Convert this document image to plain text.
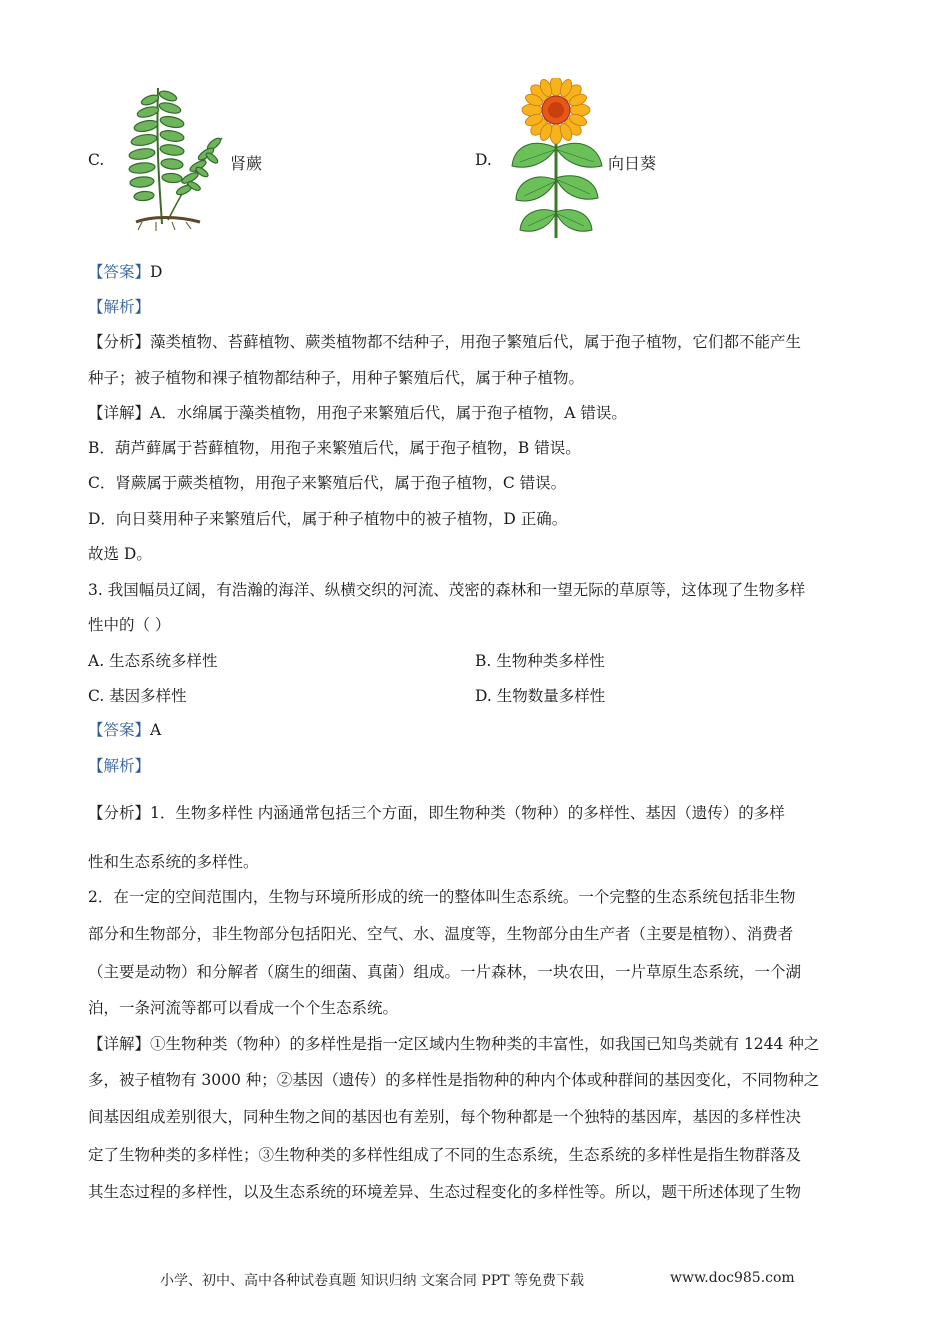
C.	肾蕨	D.	向日葵
【答案】D
【解析】
【分析】藻类植物、苔藓植物、蕨类植物都不结种子，用孢子繁殖后代，属于孢子植物，它们都不能产生
种子；被子植物和裸子植物都结种子，用种子繁殖后代，属于种子植物。
【详解】A．水绵属于藻类植物，用孢子来繁殖后代，属于孢子植物，A 错误。
B．葫芦藓属于苔藓植物，用孢子来繁殖后代，属于孢子植物，B 错误。
C．肾蕨属于蕨类植物，用孢子来繁殖后代，属于孢子植物，C 错误。
D．向日葵用种子来繁殖后代，属于种子植物中的被子植物，D 正确。
故选 D。
3. 我国幅员辽阔，有浩瀚的海洋、纵横交织的河流、茂密的森林和一望无际的草原等，这体现了生物多样
性中的（ ）
A. 生态系统多样性	B. 生物种类多样性
C. 基因多样性	D. 生物数量多样性
【答案】A
【解析】
【分析】1．生物多样性 内涵通常包括三个方面，即生物种类（物种）的多样性、基因（遗传）的多样
性和生态系统的多样性。
2．在一定的空间范围内，生物与环境所形成的统一的整体叫生态系统。一个完整的生态系统包括非生物
部分和生物部分，非生物部分包括阳光、空气、水、温度等，生物部分由生产者（主要是植物）、消费者
（主要是动物）和分解者（腐生的细菌、真菌）组成。一片森林，一块农田，一片草原生态系统，一个湖
泊，一条河流等都可以看成一个个生态系统。
【详解】①生物种类（物种）的多样性是指一定区域内生物种类的丰富性，如我国已知鸟类就有 1244 种之
多，被子植物有 3000 种；②基因（遗传）的多样性是指物种的种内个体或种群间的基因变化，不同物种之
间基因组成差别很大，同种生物之间的基因也有差别，每个物种都是一个独特的基因库，基因的多样性决
定了生物种类的多样性；③生物种类的多样性组成了不同的生态系统，生态系统的多样性是指生物群落及
其生态过程的多样性，以及生态系统的环境差异、生态过程变化的多样性等。所以，题干所述体现了生物
小学、初中、高中各种试卷真题 知识归纳 文案合同 PPT 等免费下载	www.doc985.com
